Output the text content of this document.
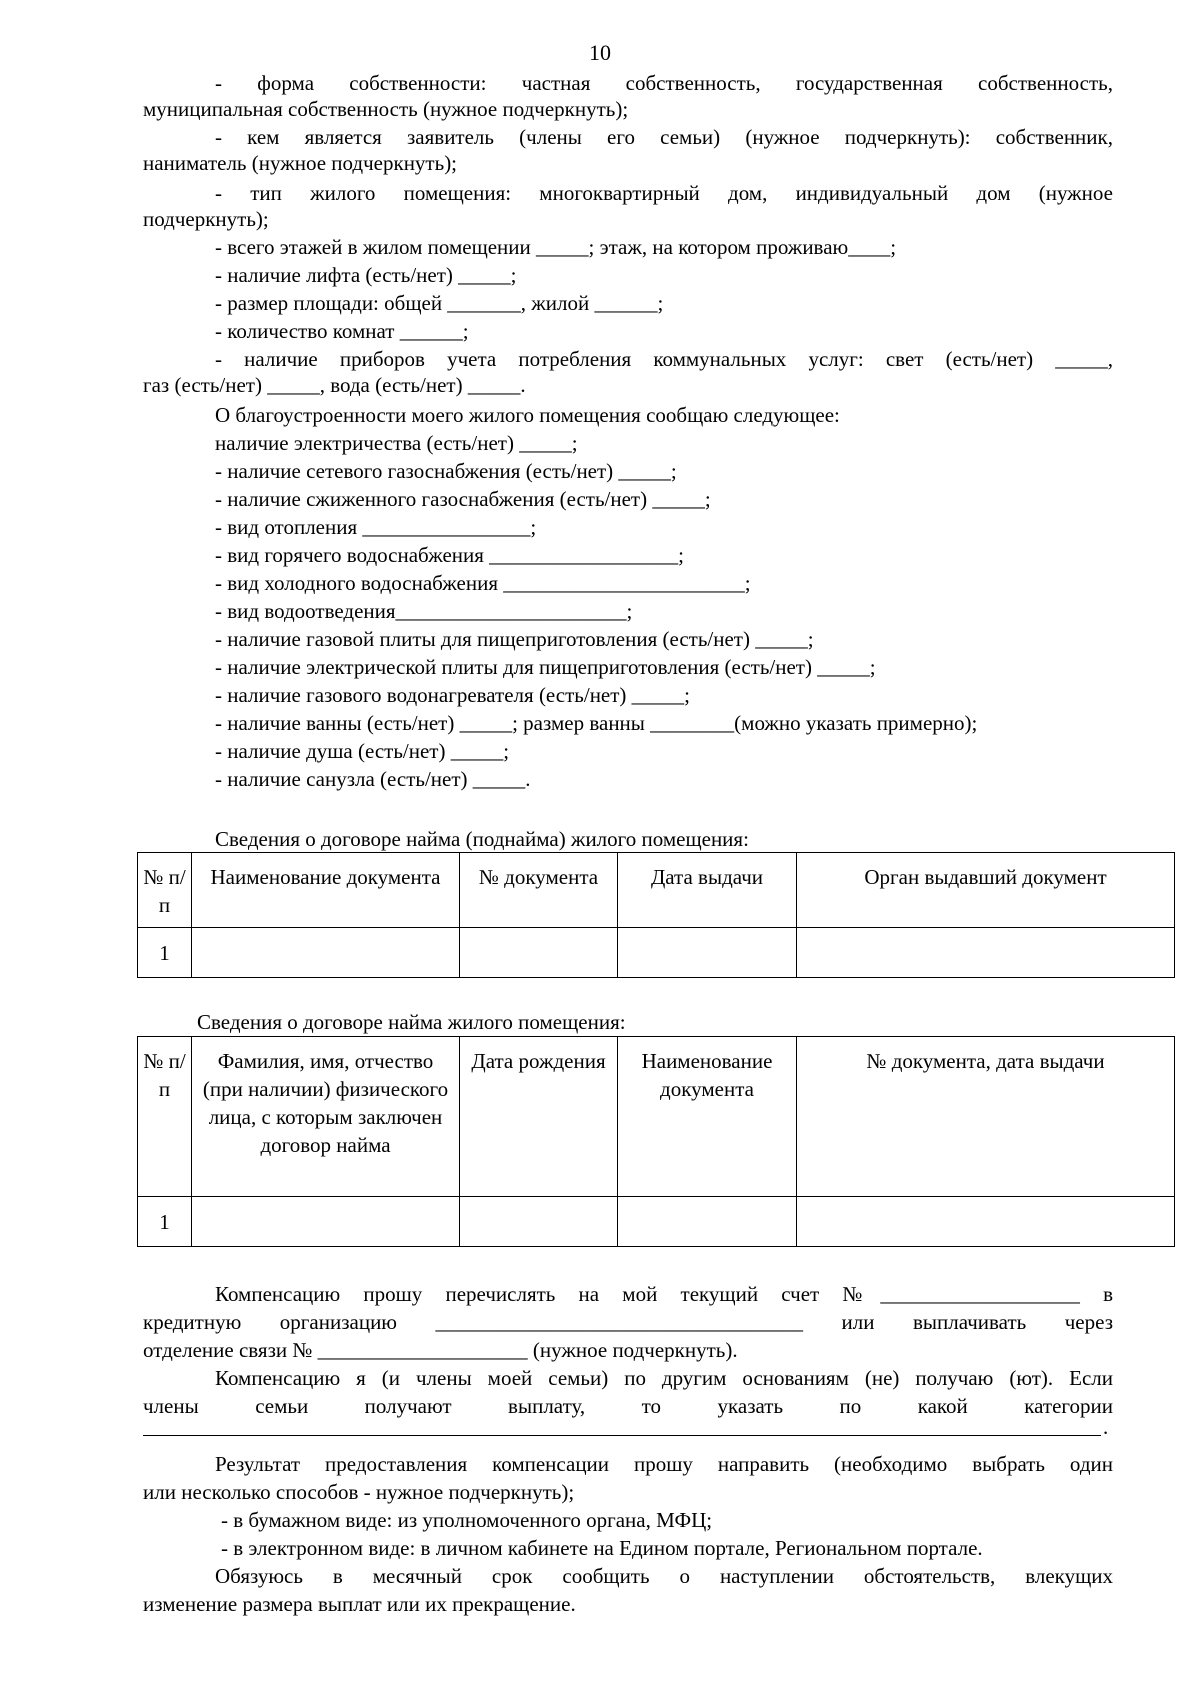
10
- форма собственности: частная собственность, государственная собственность,
муниципальная собственность (нужное подчеркнуть);
- кем является заявитель (члены его семьи) (нужное подчеркнуть): собственник,
наниматель (нужное подчеркнуть);
- тип жилого помещения: многоквартирный дом, индивидуальный дом (нужное
подчеркнуть);
- всего этажей в жилом помещении _____; этаж, на котором проживаю____;
- наличие лифта (есть/нет) _____;
- размер площади: общей _______, жилой ______;
- количество комнат ______;
- наличие приборов учета потребления коммунальных услуг: свет (есть/нет) _____,
газ (есть/нет) _____, вода (есть/нет) _____.
О благоустроенности моего жилого помещения сообщаю следующее:
наличие электричества (есть/нет) _____;
- наличие сетевого газоснабжения (есть/нет) _____;
- наличие сжиженного газоснабжения (есть/нет) _____;
- вид отопления ________________;
- вид горячего водоснабжения __________________;
- вид холодного водоснабжения _______________________;
- вид водоотведения______________________;
- наличие газовой плиты для пищеприготовления (есть/нет) _____;
- наличие электрической плиты для пищеприготовления (есть/нет) _____;
- наличие газового водонагревателя (есть/нет) _____;
- наличие ванны (есть/нет) _____; размер ванны ________(можно указать примерно);
- наличие душа (есть/нет) _____;
- наличие санузла (есть/нет) _____.
Сведения о договоре найма (поднайма) жилого помещения:
№ п/п	Наименование документа	№ документа	Дата выдачи	Орган выдавший документ
1				
Сведения о договоре найма жилого помещения:
№ п/п	Фамилия, имя, отчество (при наличии) физического лица, с которым заключен договор найма	Дата рождения	Наименование документа	№ документа, дата выдачи
1				
Компенсацию прошу перечислять на мой текущий счет №___________________ в
кредитную организацию ___________________________________ или выплачивать через
отделение связи № ____________________ (нужное подчеркнуть).
Компенсацию я (и члены моей семьи) по другим основаниям (не) получаю (ют). Если
члены семьи получают выплату, то указать по какой категории
.
Результат предоставления компенсации прошу направить (необходимо выбрать один
или несколько способов - нужное подчеркнуть);
- в бумажном виде: из уполномоченного органа, МФЦ;
- в электронном виде: в личном кабинете на Едином портале, Региональном портале.
Обязуюсь в месячный срок сообщить о наступлении обстоятельств, влекущих
изменение размера выплат или их прекращение.
